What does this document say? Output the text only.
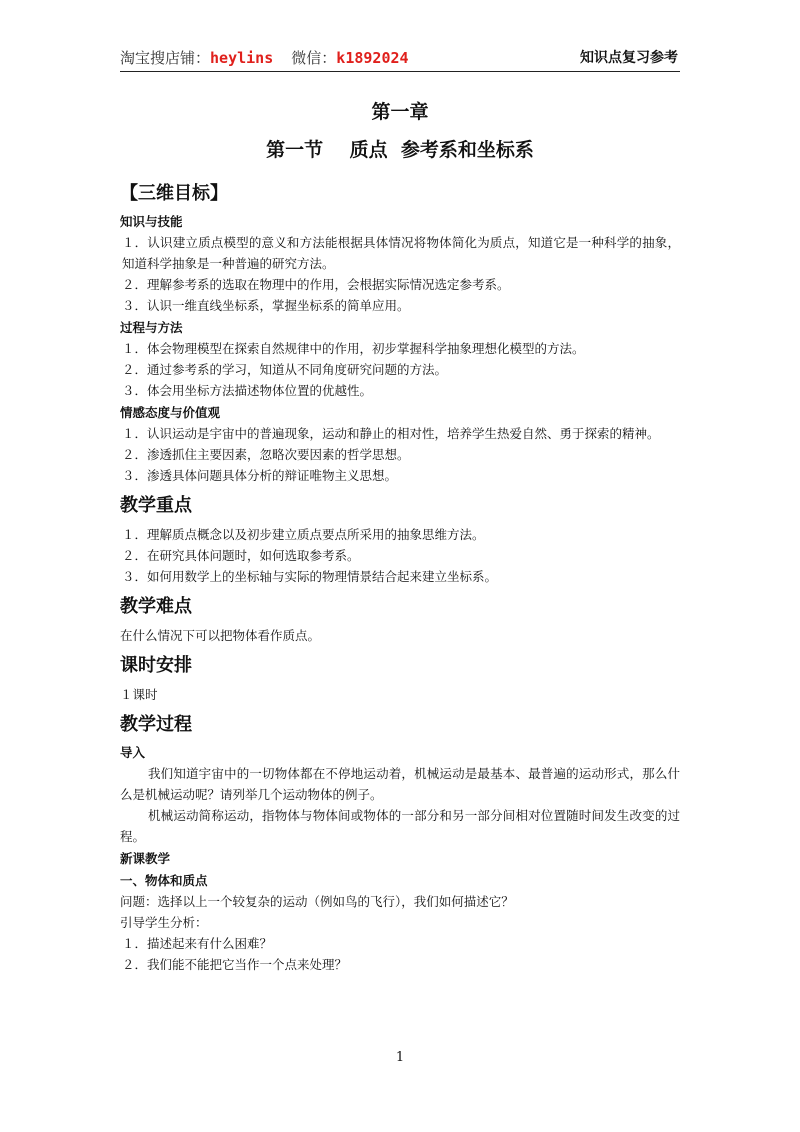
淘宝搜店铺：heylins  微信：k1892024	知识点复习参考
第一章
第一节    质点  参考系和坐标系
【三维目标】
知识与技能
１．认识建立质点模型的意义和方法能根据具体情况将物体简化为质点，知道它是一种科学的抽象，知道科学抽象是一种普遍的研究方法。
２．理解参考系的选取在物理中的作用，会根据实际情况选定参考系。
３．认识一维直线坐标系，掌握坐标系的简单应用。
过程与方法
１．体会物理模型在探索自然规律中的作用，初步掌握科学抽象理想化模型的方法。
２．通过参考系的学习，知道从不同角度研究问题的方法。
３．体会用坐标方法描述物体位置的优越性。
情感态度与价值观
１．认识运动是宇宙中的普遍现象，运动和静止的相对性，培养学生热爱自然、勇于探索的精神。
２．渗透抓住主要因素，忽略次要因素的哲学思想。
３．渗透具体问题具体分析的辩证唯物主义思想。
教学重点
１．理解质点概念以及初步建立质点要点所采用的抽象思维方法。
２．在研究具体问题时，如何选取参考系。
３．如何用数学上的坐标轴与实际的物理情景结合起来建立坐标系。
教学难点
在什么情况下可以把物体看作质点。
课时安排
１课时
教学过程
导入
我们知道宇宙中的一切物体都在不停地运动着，机械运动是最基本、最普遍的运动形式，那么什么是机械运动呢？请列举几个运动物体的例子。
机械运动简称运动，指物体与物体间或物体的一部分和另一部分间相对位置随时间发生改变的过程。
新课教学
一、物体和质点
问题：选择以上一个较复杂的运动（例如鸟的飞行），我们如何描述它？
引导学生分析：
１．描述起来有什么困难？
２．我们能不能把它当作一个点来处理？
1
